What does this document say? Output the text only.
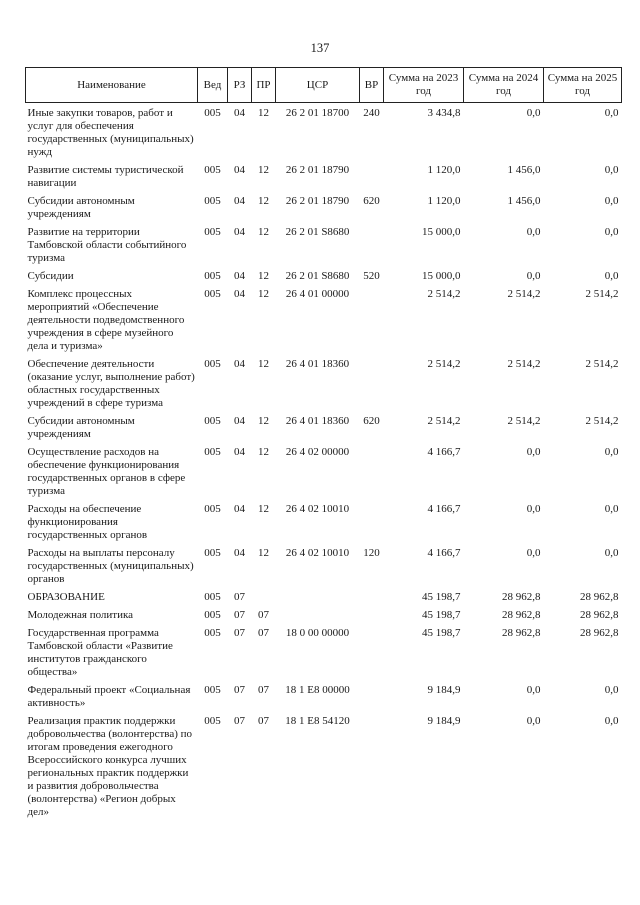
137
Наименование	Вед	РЗ	ПР	ЦСР	ВР	Сумма на 2023 год	Сумма на 2024 год	Сумма на 2025 год

Иные закупки товаров, работ и услуг для обеспечения государственных (муниципальных) нужд	005	04	12	26 2 01 18700	240	3 434,8	0,0	0,0
Развитие системы туристической навигации	005	04	12	26 2 01 18790		1 120,0	1 456,0	0,0
Субсидии автономным учреждениям	005	04	12	26 2 01 18790	620	1 120,0	1 456,0	0,0
Развитие на территории Тамбовской области событийного туризма	005	04	12	26 2 01 S8680		15 000,0	0,0	0,0
Субсидии	005	04	12	26 2 01 S8680	520	15 000,0	0,0	0,0
Комплекс процессных мероприятий «Обеспечение деятельности подведомственного учреждения в сфере музейного дела и туризма»	005	04	12	26 4 01 00000		2 514,2	2 514,2	2 514,2
Обеспечение деятельности (оказание услуг, выполнение работ) областных государственных учреждений в сфере туризма	005	04	12	26 4 01 18360		2 514,2	2 514,2	2 514,2
Субсидии автономным учреждениям	005	04	12	26 4 01 18360	620	2 514,2	2 514,2	2 514,2
Осуществление расходов на обеспечение функционирования государственных органов в сфере туризма	005	04	12	26 4 02 00000		4 166,7	0,0	0,0
Расходы на обеспечение функционирования государственных органов	005	04	12	26 4 02 10010		4 166,7	0,0	0,0
Расходы на выплаты персоналу государственных (муниципальных) органов	005	04	12	26 4 02 10010	120	4 166,7	0,0	0,0
ОБРАЗОВАНИЕ	005	07				45 198,7	28 962,8	28 962,8
Молодежная политика	005	07	07			45 198,7	28 962,8	28 962,8
Государственная программа Тамбовской области «Развитие институтов гражданского общества»	005	07	07	18 0 00 00000		45 198,7	28 962,8	28 962,8
Федеральный проект «Социальная активность»	005	07	07	18 1 E8 00000		9 184,9	0,0	0,0
Реализация практик поддержки добровольчества (волонтерства) по итогам проведения ежегодного Всероссийского конкурса лучших региональных практик поддержки и развития добровольчества (волонтерства) «Регион добрых дел»	005	07	07	18 1 E8 54120		9 184,9	0,0	0,0
